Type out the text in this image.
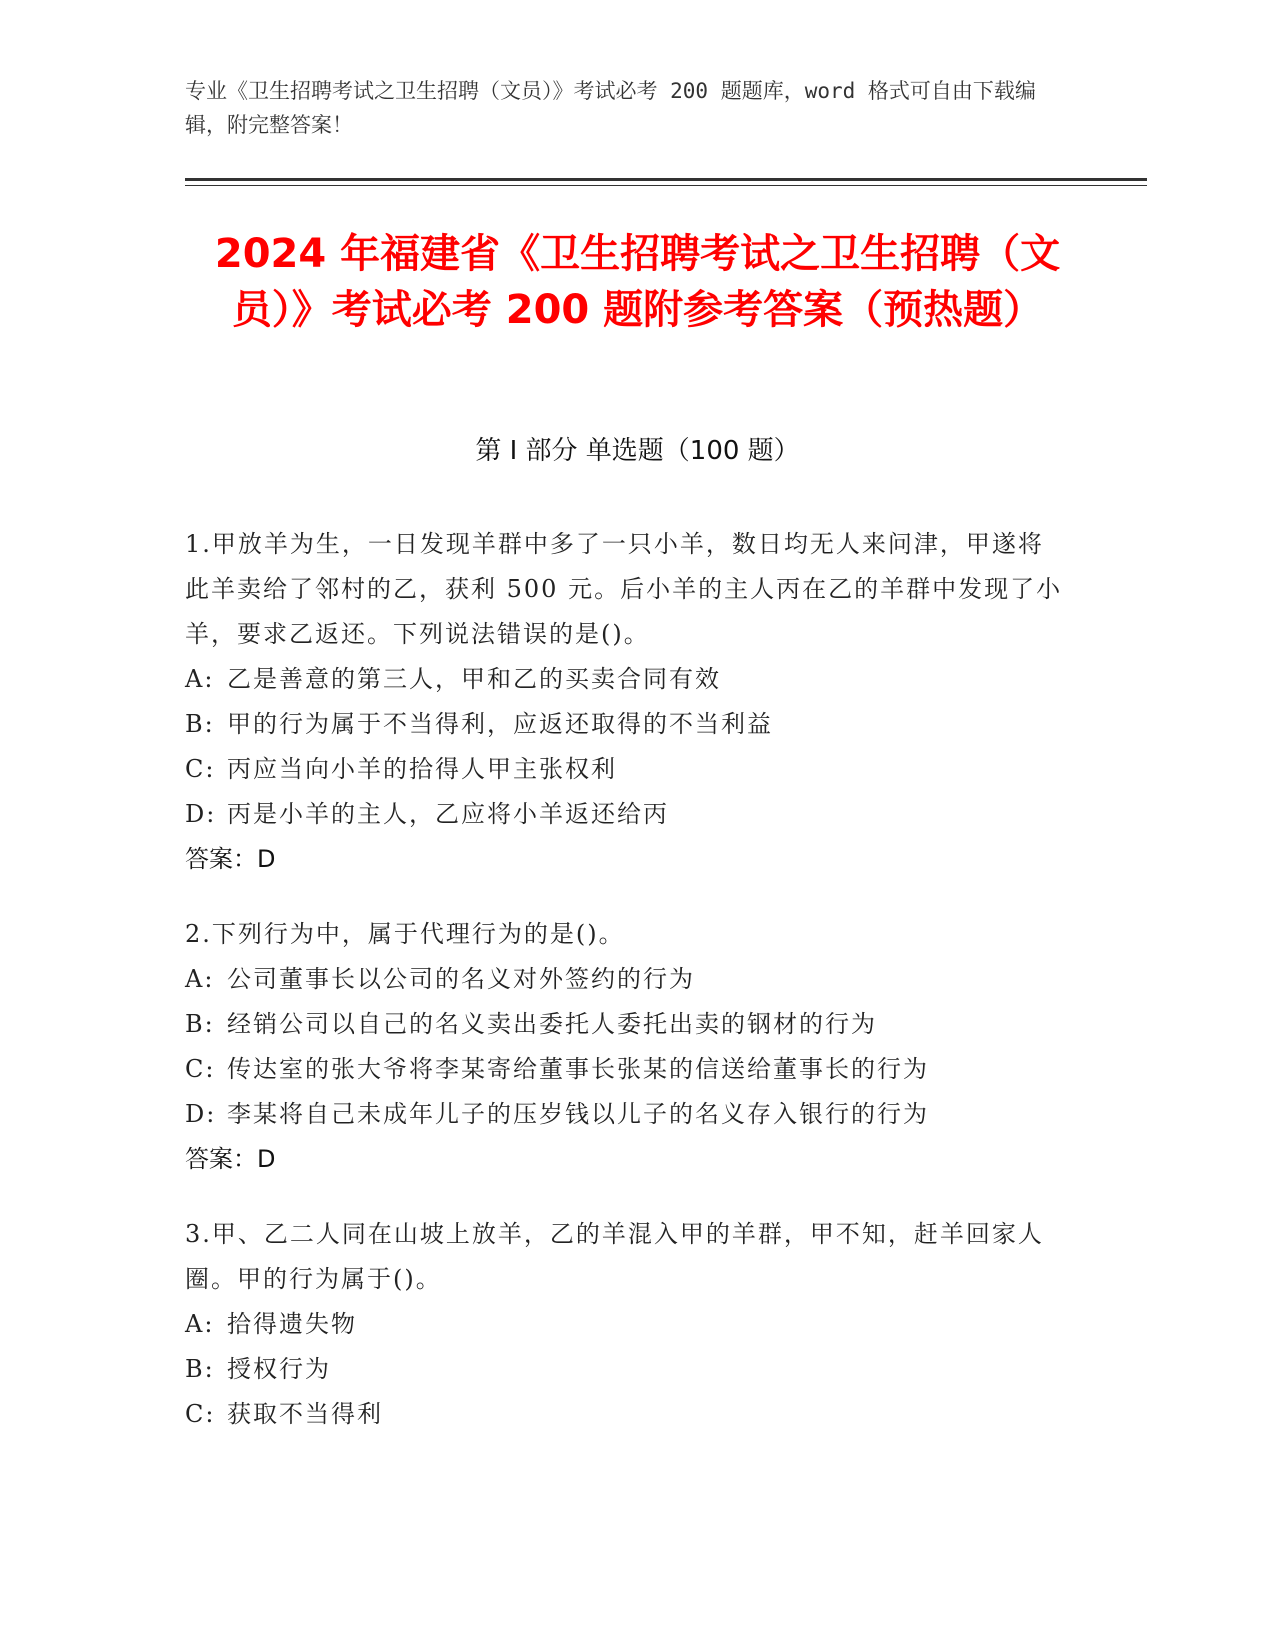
专业《卫生招聘考试之卫生招聘（文员）》考试必考 200 题题库，word 格式可自由下载编辑，附完整答案！
2024 年福建省《卫生招聘考试之卫生招聘（文员）》考试必考 200 题附参考答案（预热题）
第 I 部分 单选题（100 题）
1.甲放羊为生，一日发现羊群中多了一只小羊，数日均无人来问津，甲遂将此羊卖给了邻村的乙，获利 500 元。后小羊的主人丙在乙的羊群中发现了小羊，要求乙返还。下列说法错误的是()。
A: 乙是善意的第三人，甲和乙的买卖合同有效
B: 甲的行为属于不当得利，应返还取得的不当利益
C: 丙应当向小羊的拾得人甲主张权利
D: 丙是小羊的主人，乙应将小羊返还给丙
答案：D
2.下列行为中，属于代理行为的是()。
A: 公司董事长以公司的名义对外签约的行为
B: 经销公司以自己的名义卖出委托人委托出卖的钢材的行为
C: 传达室的张大爷将李某寄给董事长张某的信送给董事长的行为
D: 李某将自己未成年儿子的压岁钱以儿子的名义存入银行的行为
答案：D
3.甲、乙二人同在山坡上放羊，乙的羊混入甲的羊群，甲不知，赶羊回家人圈。甲的行为属于()。
A: 拾得遗失物
B: 授权行为
C: 获取不当得利
